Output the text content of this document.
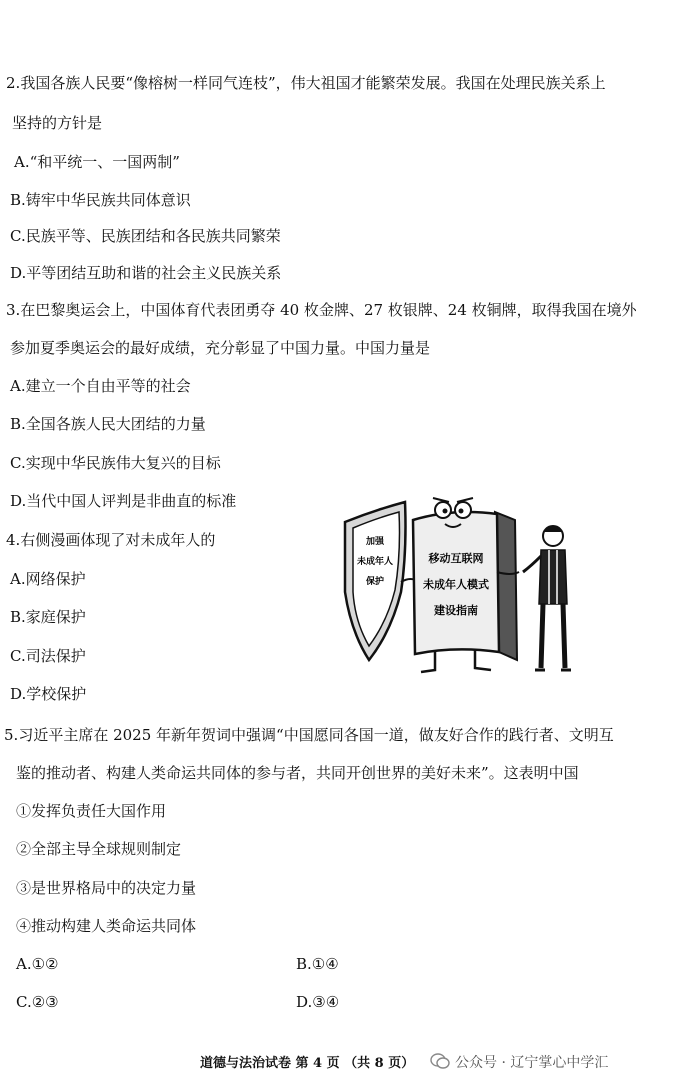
2.我国各族人民要“像榕树一样同气连枝”，伟大祖国才能繁荣发展。我国在处理民族关系上
坚持的方针是
A.“和平统一、一国两制”
B.铸牢中华民族共同体意识
C.民族平等、民族团结和各民族共同繁荣
D.平等团结互助和谐的社会主义民族关系
3.在巴黎奥运会上，中国体育代表团勇夺 40 枚金牌、27 枚银牌、24 枚铜牌，取得我国在境外
参加夏季奥运会的最好成绩，充分彰显了中国力量。中国力量是
A.建立一个自由平等的社会
B.全国各族人民大团结的力量
C.实现中华民族伟大复兴的目标
D.当代中国人评判是非曲直的标准
4.右侧漫画体现了对未成年人的
A.网络保护
B.家庭保护
C.司法保护
D.学校保护
加强
未成年人
保护
移动互联网
未成年人模式
建设指南
5.习近平主席在 2025 年新年贺词中强调“中国愿同各国一道，做友好合作的践行者、文明互
鉴的推动者、构建人类命运共同体的参与者，共同开创世界的美好未来”。这表明中国
①发挥负责任大国作用
②全部主导全球规则制定
③是世界格局中的决定力量
④推动构建人类命运共同体
A.①②	B.①④
C.②③	D.③④
道德与法治试卷 第 4 页 （共 8 页）	公众号 · 辽宁掌心中学汇
